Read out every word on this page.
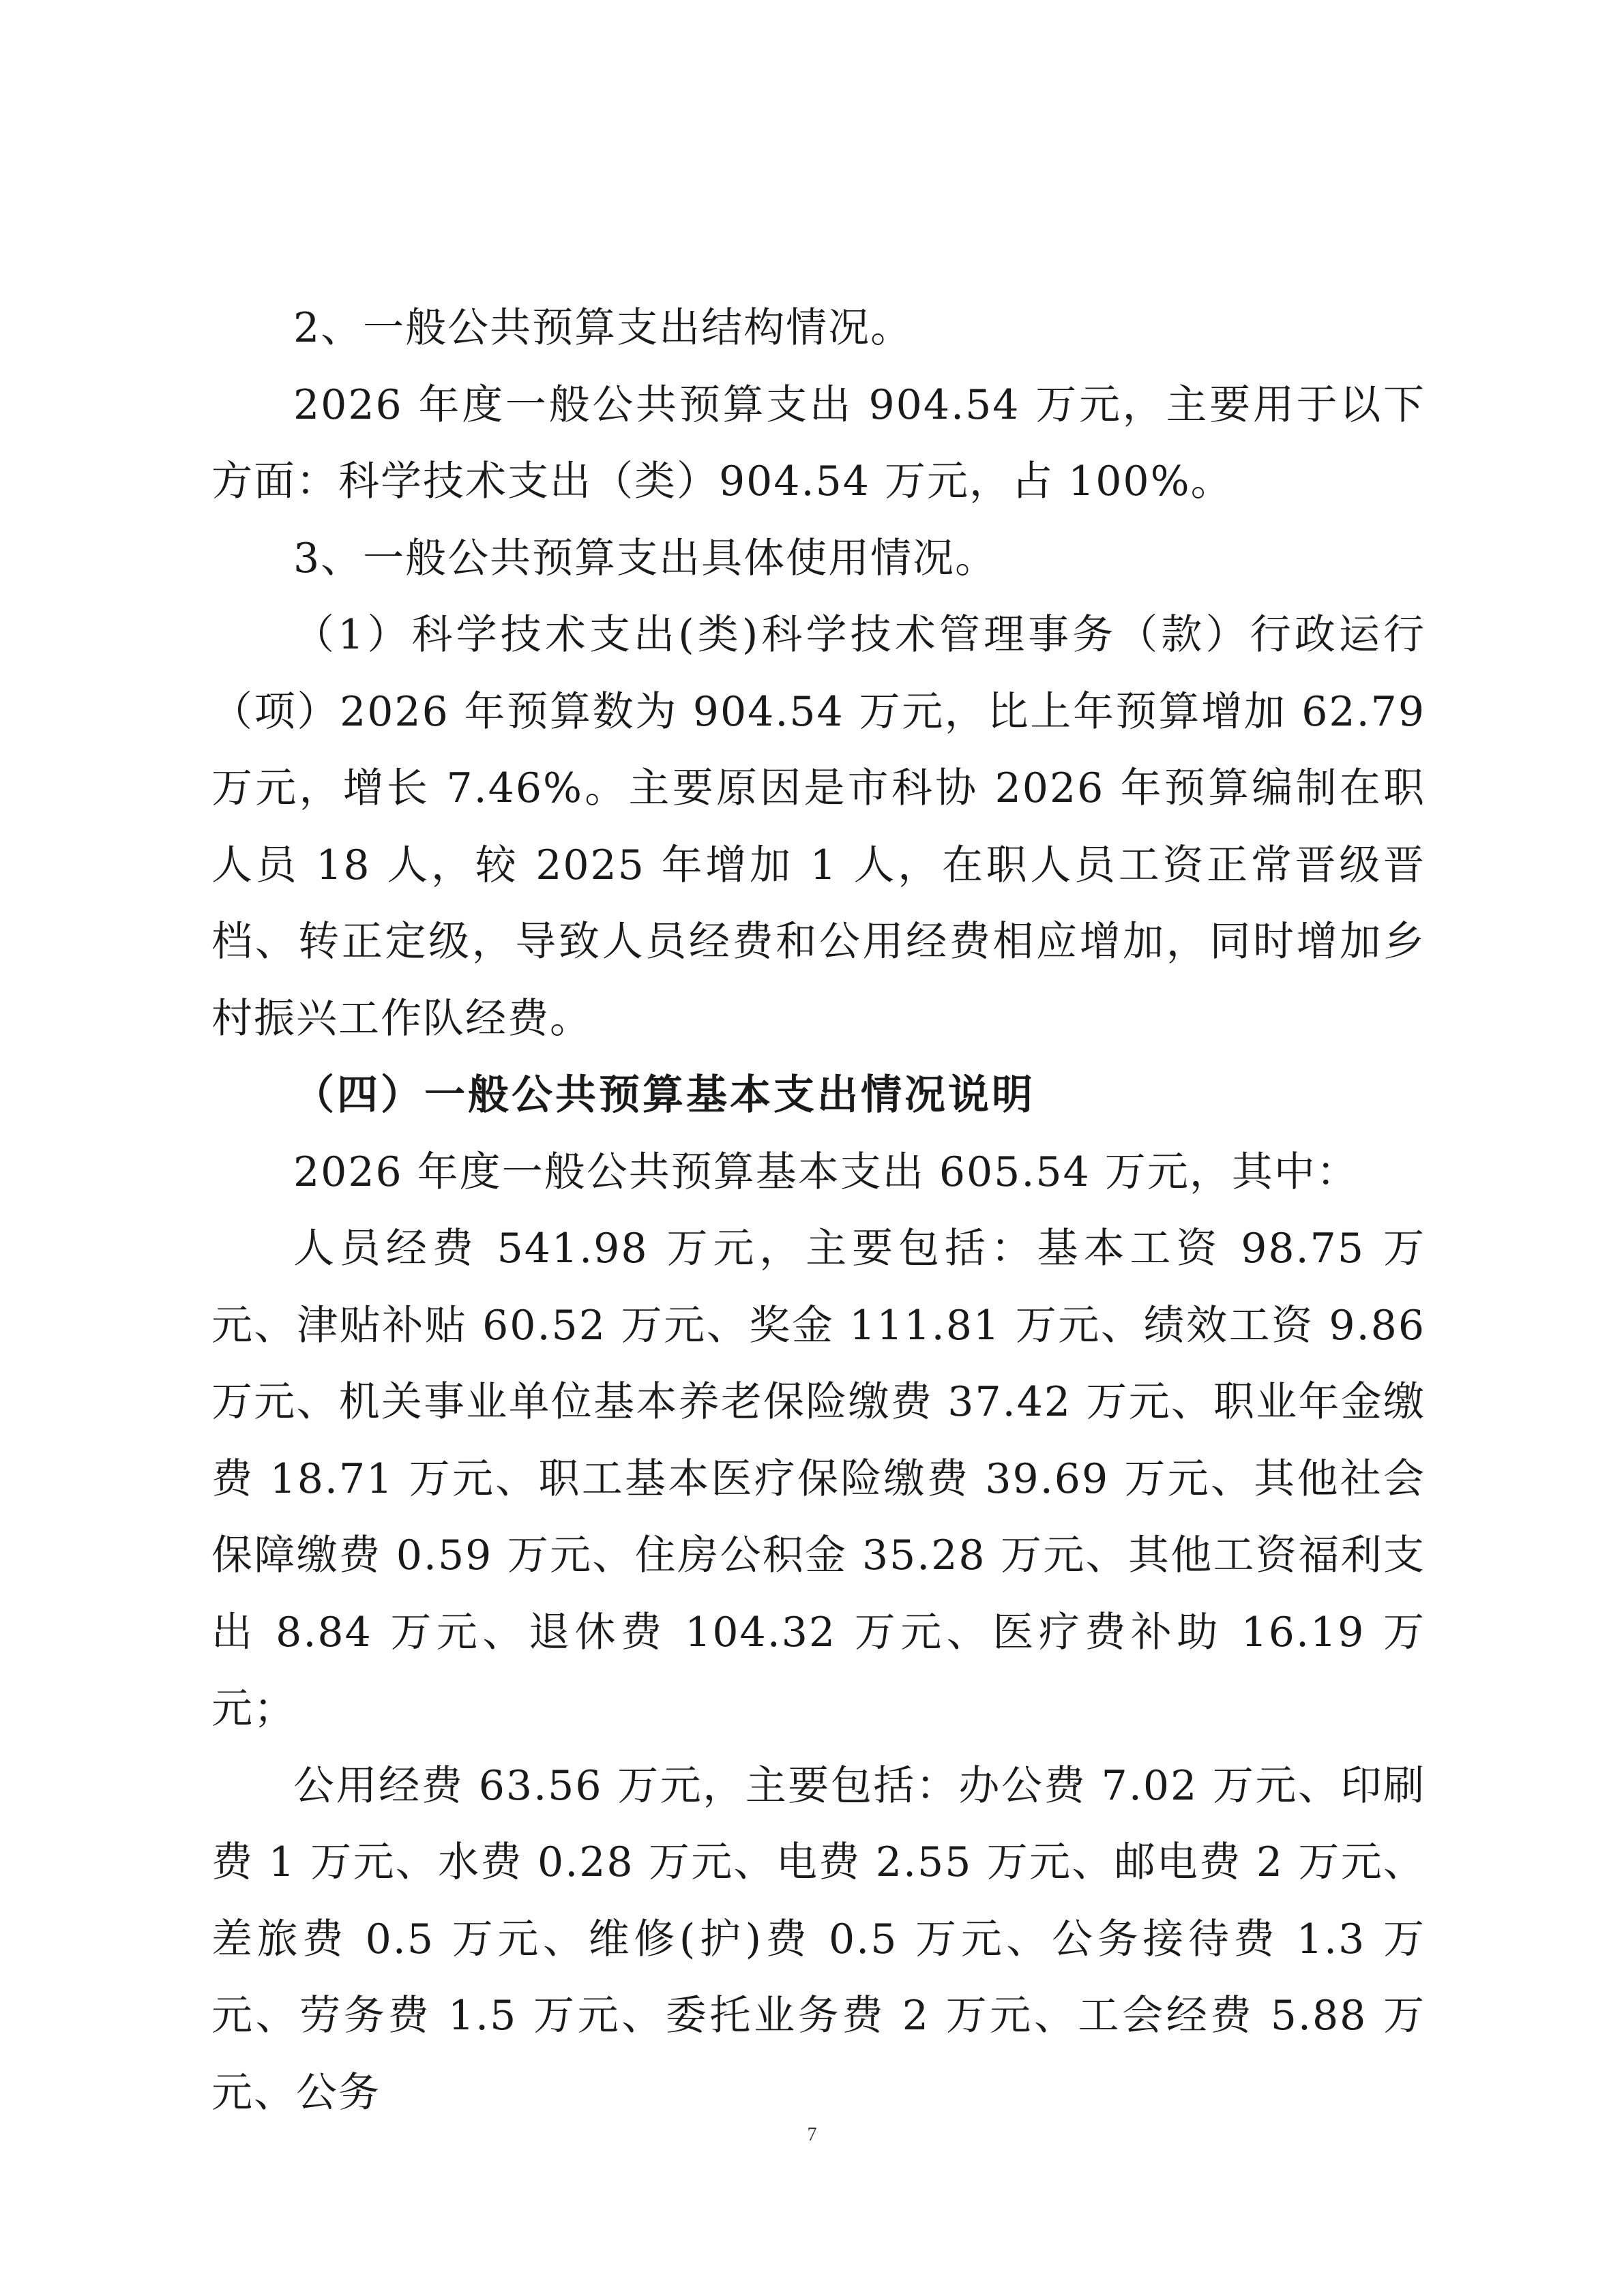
2、一般公共预算支出结构情况。

2026 年度一般公共预算支出 904.54 万元，主要用于以下方面：科学技术支出（类）904.54 万元，占 100%。

3、一般公共预算支出具体使用情况。

（1）科学技术支出(类)科学技术管理事务（款）行政运行（项）2026 年预算数为 904.54 万元，比上年预算增加 62.79 万元，增长 7.46%。主要原因是市科协 2026 年预算编制在职人员 18 人，较 2025 年增加 1 人，在职人员工资正常晋级晋档、转正定级，导致人员经费和公用经费相应增加，同时增加乡村振兴工作队经费。

（四）一般公共预算基本支出情况说明

2026 年度一般公共预算基本支出 605.54 万元，其中：

人员经费 541.98 万元，主要包括：基本工资 98.75 万元、津贴补贴 60.52 万元、奖金 111.81 万元、绩效工资 9.86 万元、机关事业单位基本养老保险缴费 37.42 万元、职业年金缴费 18.71 万元、职工基本医疗保险缴费 39.69 万元、其他社会保障缴费 0.59 万元、住房公积金 35.28 万元、其他工资福利支出 8.84 万元、退休费 104.32 万元、医疗费补助 16.19 万元；

公用经费 63.56 万元，主要包括：办公费 7.02 万元、印刷费 1 万元、水费 0.28 万元、电费 2.55 万元、邮电费 2 万元、差旅费 0.5 万元、维修(护)费 0.5 万元、公务接待费 1.3 万元、劳务费 1.5 万元、委托业务费 2 万元、工会经费 5.88 万元、公务

7
